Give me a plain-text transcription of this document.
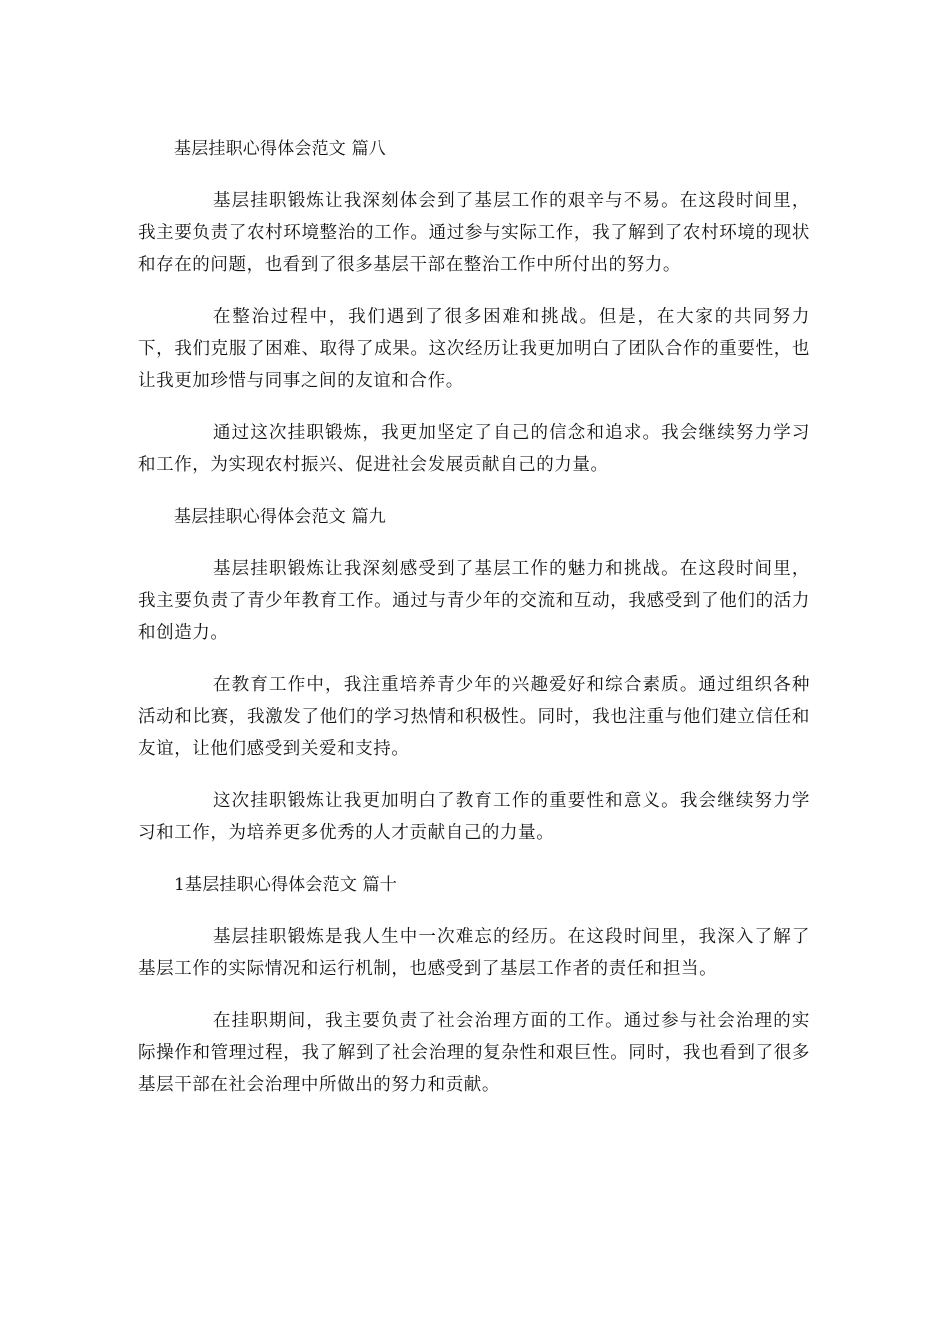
基层挂职心得体会范文 篇八

基层挂职锻炼让我深刻体会到了基层工作的艰辛与不易。在这段时间里，我主要负责了农村环境整治的工作。通过参与实际工作，我了解到了农村环境的现状和存在的问题，也看到了很多基层干部在整治工作中所付出的努力。

在整治过程中，我们遇到了很多困难和挑战。但是，在大家的共同努力下，我们克服了困难、取得了成果。这次经历让我更加明白了团队合作的重要性，也让我更加珍惜与同事之间的友谊和合作。

通过这次挂职锻炼，我更加坚定了自己的信念和追求。我会继续努力学习和工作，为实现农村振兴、促进社会发展贡献自己的力量。

基层挂职心得体会范文 篇九

基层挂职锻炼让我深刻感受到了基层工作的魅力和挑战。在这段时间里，我主要负责了青少年教育工作。通过与青少年的交流和互动，我感受到了他们的活力和创造力。

在教育工作中，我注重培养青少年的兴趣爱好和综合素质。通过组织各种活动和比赛，我激发了他们的学习热情和积极性。同时，我也注重与他们建立信任和友谊，让他们感受到关爱和支持。

这次挂职锻炼让我更加明白了教育工作的重要性和意义。我会继续努力学习和工作，为培养更多优秀的人才贡献自己的力量。

1基层挂职心得体会范文 篇十

基层挂职锻炼是我人生中一次难忘的经历。在这段时间里，我深入了解了基层工作的实际情况和运行机制，也感受到了基层工作者的责任和担当。

在挂职期间，我主要负责了社会治理方面的工作。通过参与社会治理的实际操作和管理过程，我了解到了社会治理的复杂性和艰巨性。同时，我也看到了很多基层干部在社会治理中所做出的努力和贡献。
